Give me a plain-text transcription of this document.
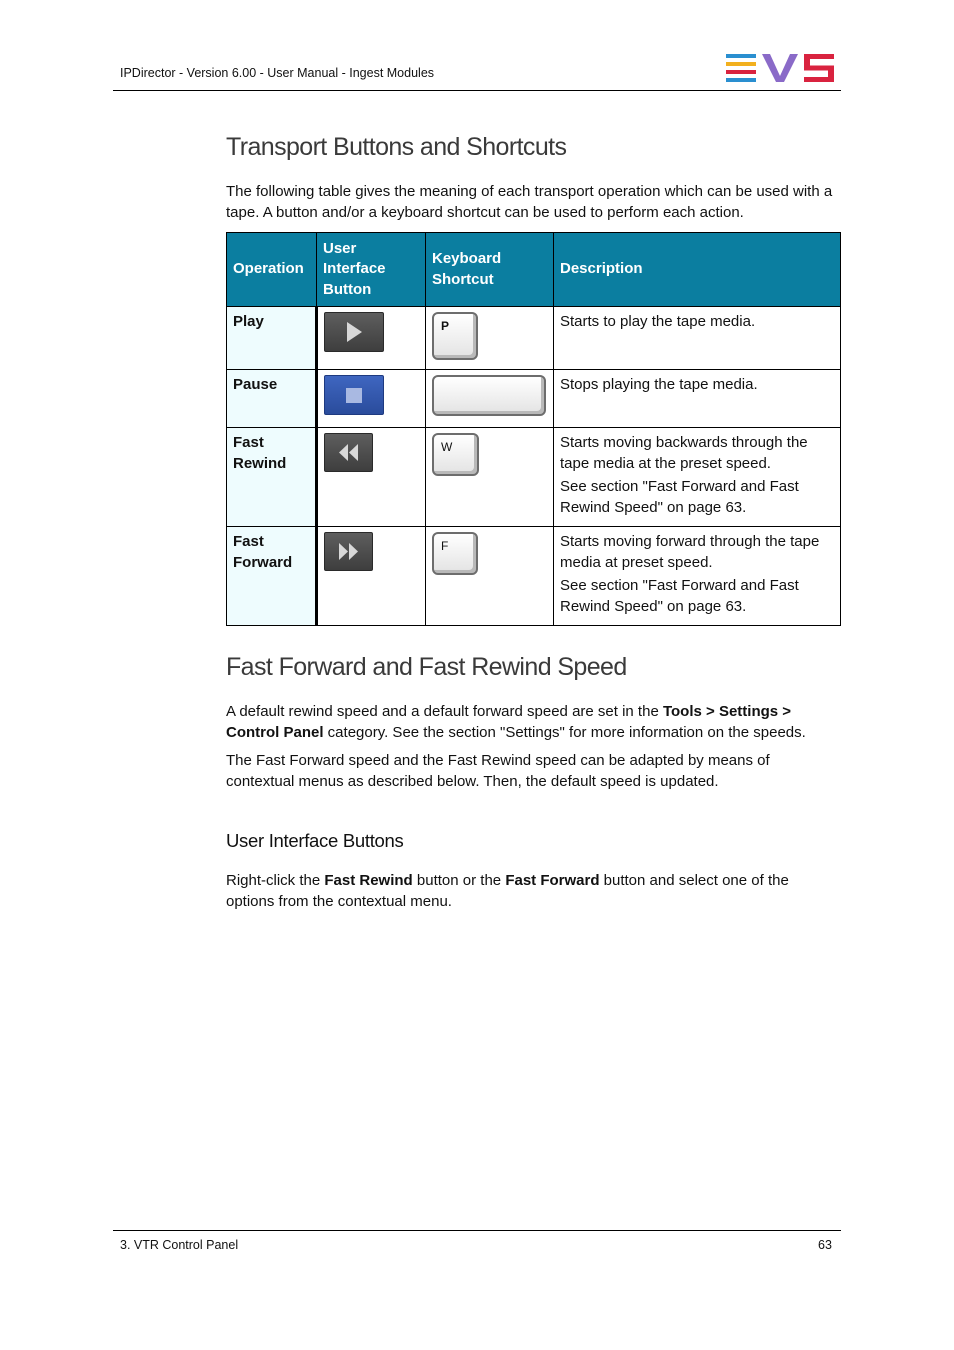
IPDirector - Version 6.00 - User Manual - Ingest Modules
Transport Buttons and Shortcuts
The following table gives the meaning of each transport operation which can be used with a tape. A button and/or a keyboard shortcut can be used to perform each action.
Operation	User Interface Button	Keyboard Shortcut	Description
Play		P	Starts to play the tape media.

Pause			Stops playing the tape media.

Fast Rewind		W	Starts moving backwards through the tape media at the preset speed.

See section "Fast Forward and Fast Rewind Speed" on page 63.

Fast Forward		F	Starts moving forward through the tape media at preset speed.

See section "Fast Forward and Fast Rewind Speed" on page 63.

Fast Forward and Fast Rewind Speed
A default rewind speed and a default forward speed are set in the Tools > Settings > Control Panel category. See the section "Settings" for more information on the speeds.
The Fast Forward speed and the Fast Rewind speed can be adapted by means of contextual menus as described below. Then, the default speed is updated.
User Interface Buttons
Right-click the Fast Rewind button or the Fast Forward button and select one of the options from the contextual menu.
3. VTR Control Panel	63
